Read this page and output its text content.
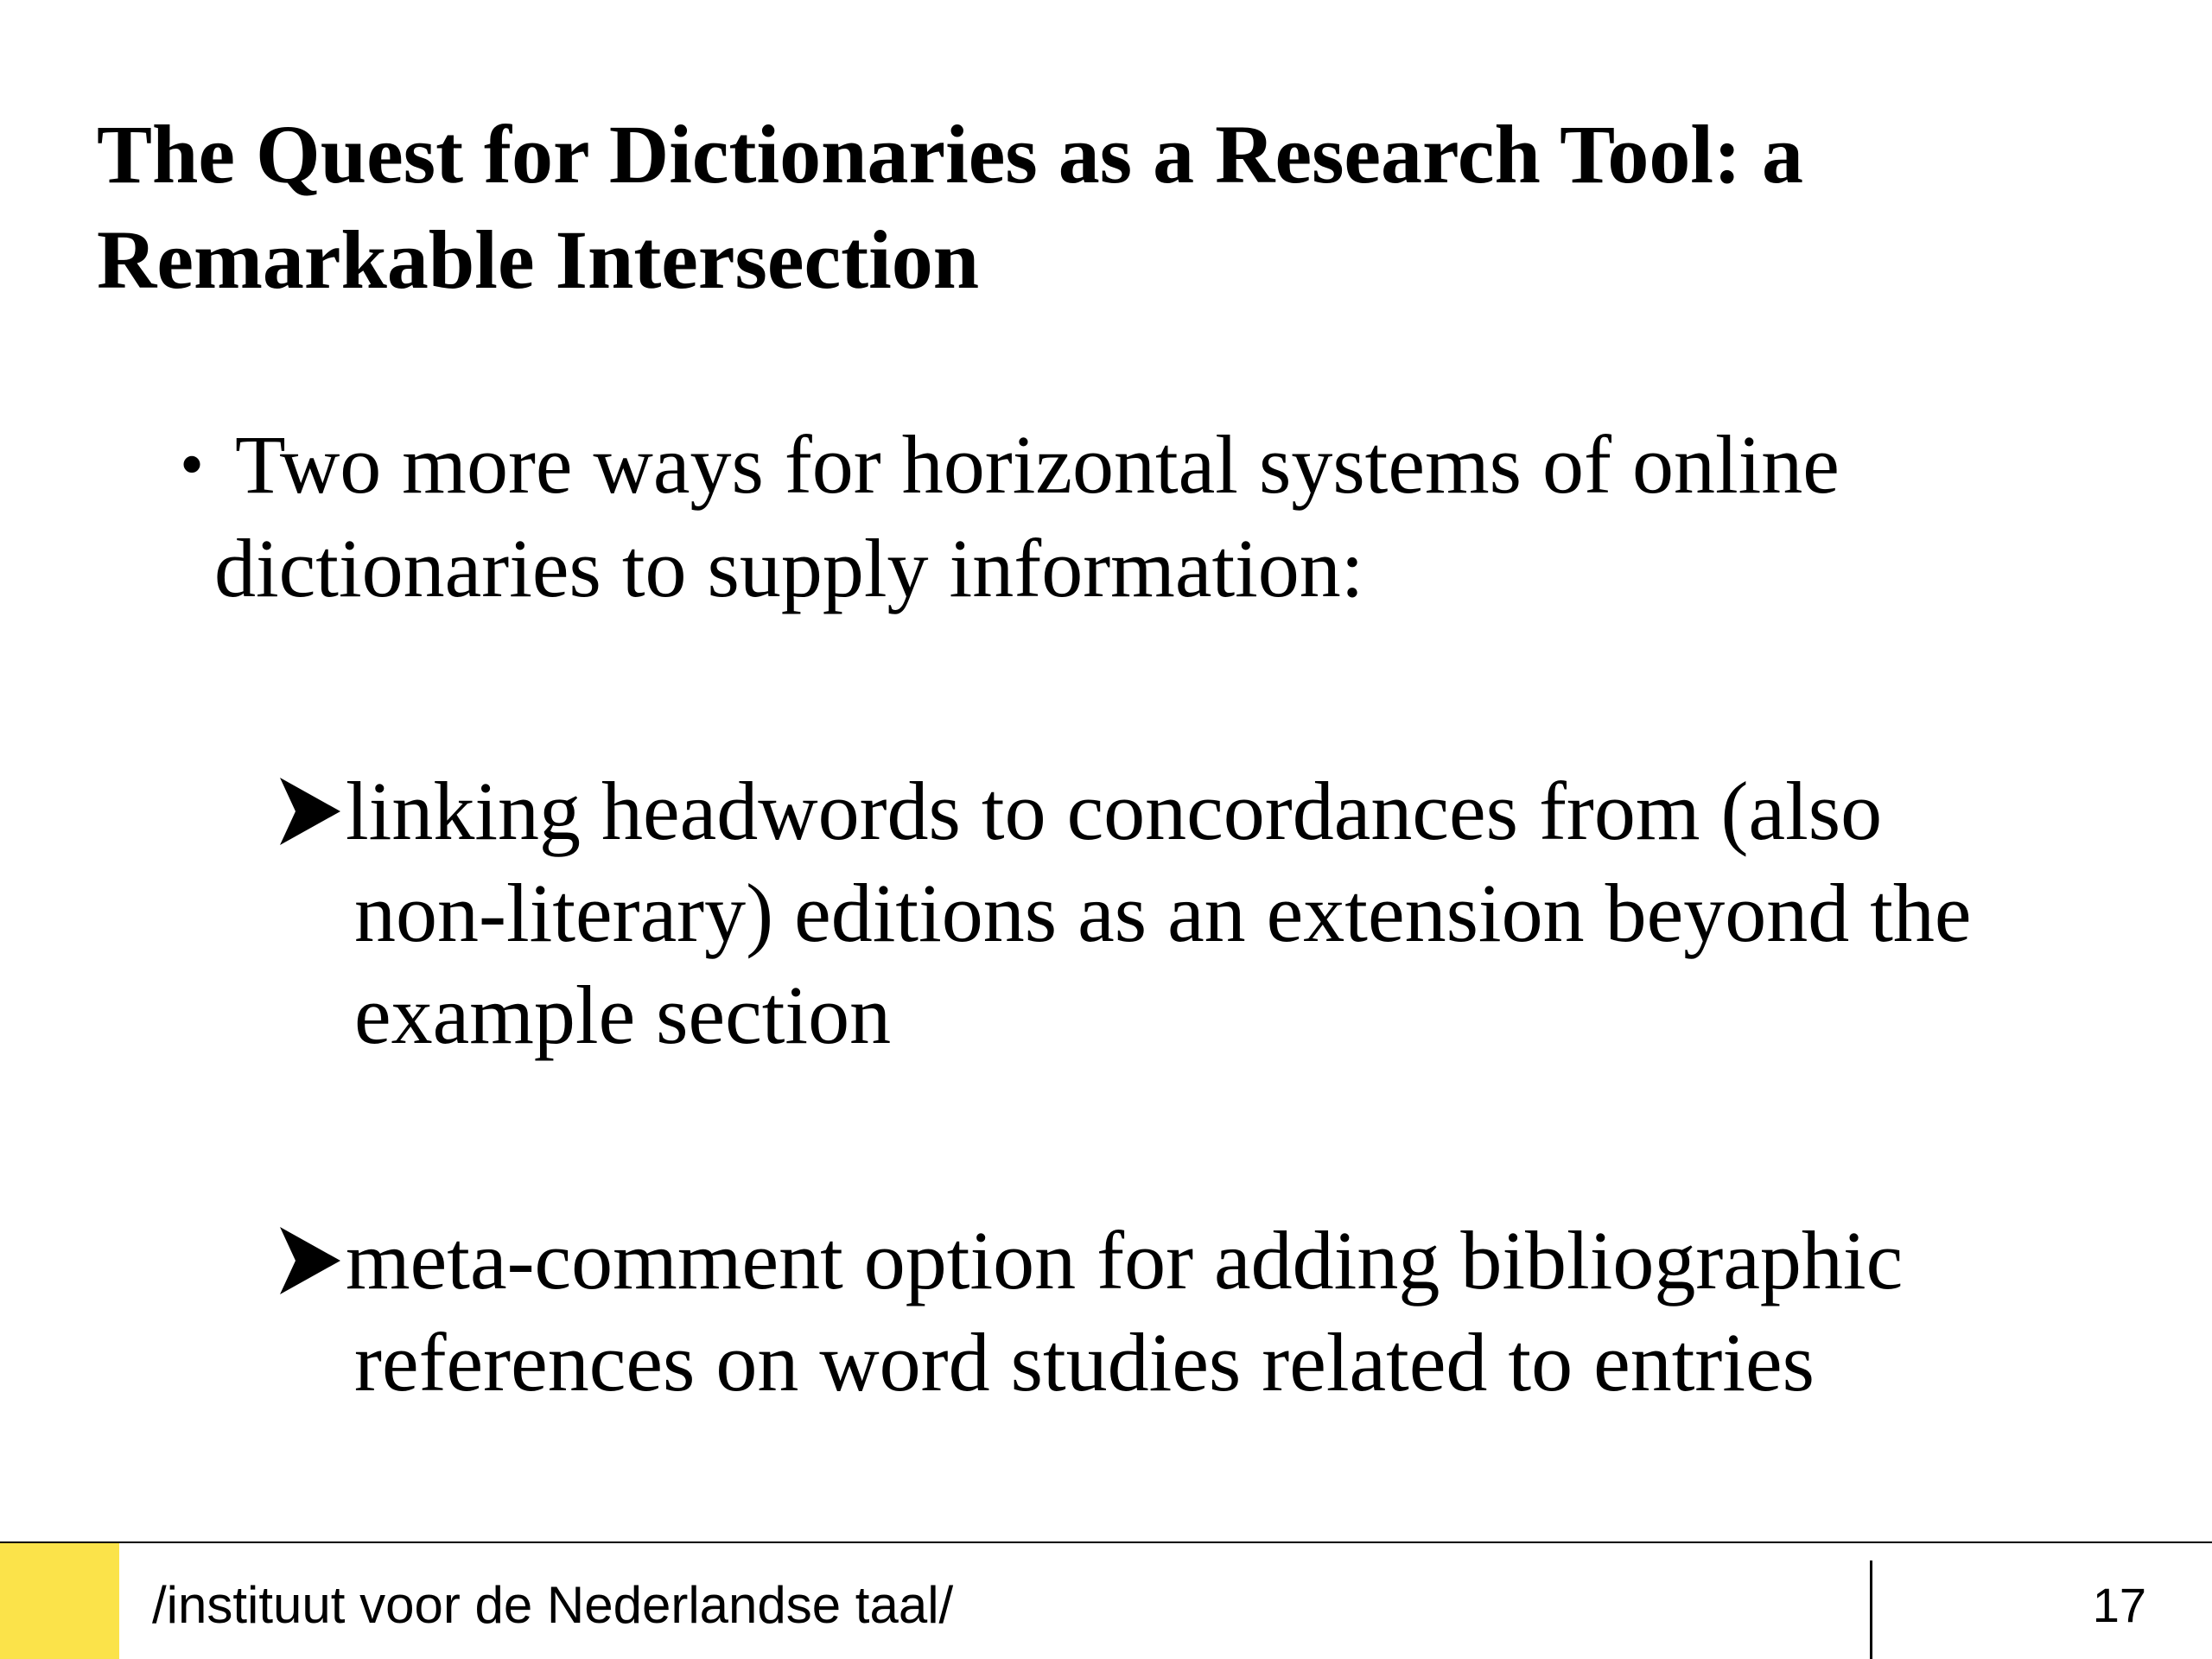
The Quest for Dictionaries as a Research Tool: a
Remarkable Intersection
• Two more ways for horizontal systems of online
dictionaries to supply information:
linking headwords to concordances from (also
non-literary) editions as an extension beyond the
example section
meta-comment option for adding bibliographic
references on word studies related to entries
/instituut voor de Nederlandse taal/	17
